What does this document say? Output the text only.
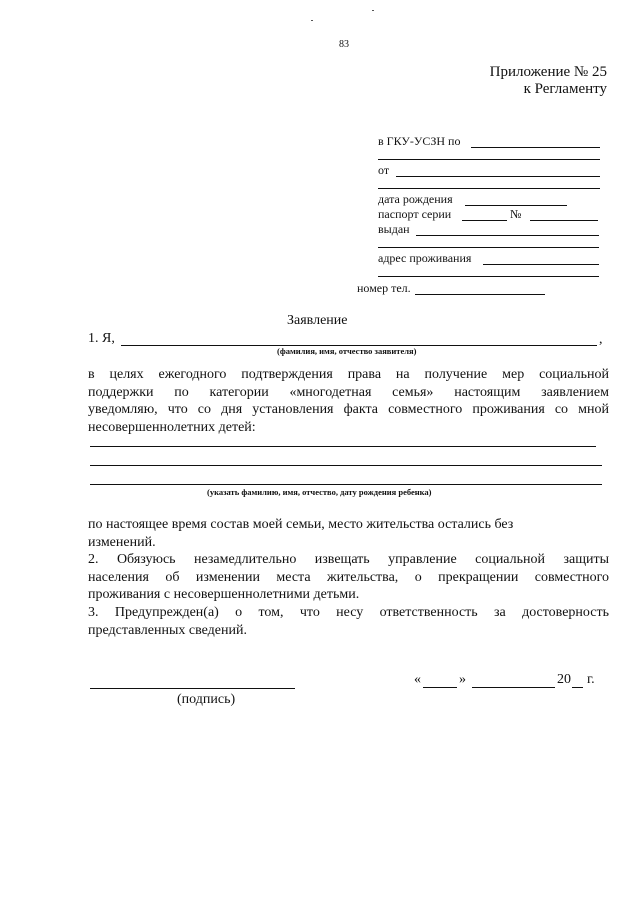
83
Приложение № 25
к Регламенту
в ГКУ-УСЗН по
от
дата рождения
паспорт серии	№
выдан
адрес проживания
номер тел.
Заявление
1. Я,	,
(фамилия, имя, отчество заявителя)
в целях ежегодного подтверждения права на получение мер социальной
поддержки по категории «многодетная семья» настоящим заявлением
уведомляю, что со дня установления факта совместного проживания со мной
несовершеннолетних детей:
(указать фамилию, имя, отчество, дату рождения ребенка)
по настоящее время состав моей семьи, место жительства остались без
изменений.
2. Обязуюсь незамедлительно извещать управление социальной защиты
населения об изменении места жительства, о прекращении совместного
проживания с несовершеннолетними детьми.
3. Предупрежден(а) о том, что несу ответственность за достоверность
представленных сведений.
(подпись)
«	»	20 г.
